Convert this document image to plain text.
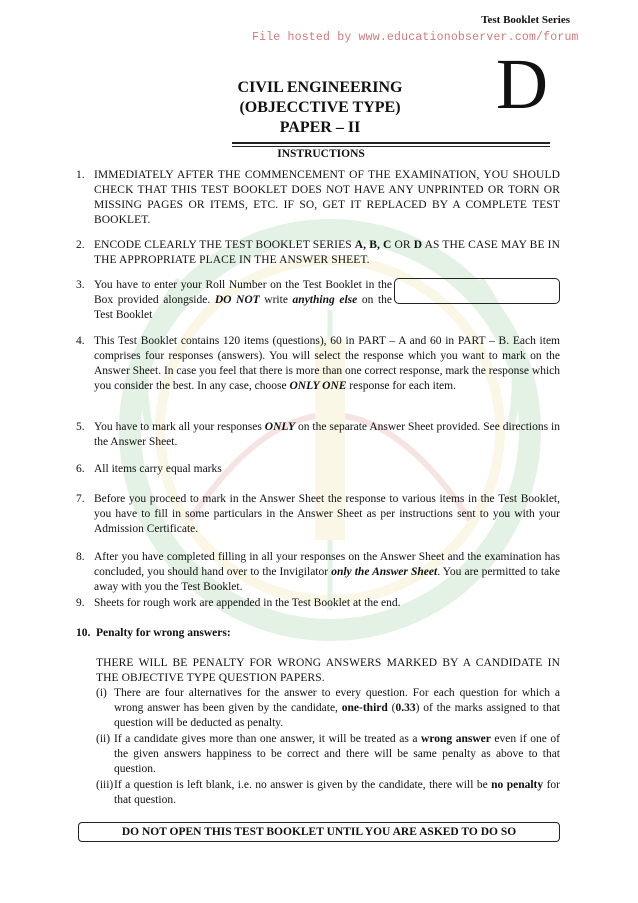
Test Booklet Series
File hosted by www.educationobserver.com/forum
D
CIVIL ENGINEERING
(OBJECCTIVE TYPE)
PAPER – II
INSTRUCTIONS
1. IMMEDIATELY AFTER THE COMMENCEMENT OF THE EXAMINATION, YOU SHOULD CHECK THAT THIS TEST BOOKLET DOES NOT HAVE ANY UNPRINTED OR TORN OR MISSING PAGES OR ITEMS, ETC. IF SO, GET IT REPLACED BY A COMPLETE TEST BOOKLET.
2. ENCODE CLEARLY THE TEST BOOKLET SERIES A, B, C OR D AS THE CASE MAY BE IN THE APPROPRIATE PLACE IN THE ANSWER SHEET.
3. You have to enter your Roll Number on the Test Booklet in the Box provided alongside. DO NOT write anything else on the Test Booklet
4. This Test Booklet contains 120 items (questions), 60 in PART – A and 60 in PART – B. Each item comprises four responses (answers). You will select the response which you want to mark on the Answer Sheet. In case you feel that there is more than one correct response, mark the response which you consider the best. In any case, choose ONLY ONE response for each item.
5. You have to mark all your responses ONLY on the separate Answer Sheet provided. See directions in the Answer Sheet.
6. All items carry equal marks
7. Before you proceed to mark in the Answer Sheet the response to various items in the Test Booklet, you have to fill in some particulars in the Answer Sheet as per instructions sent to you with your Admission Certificate.
8. After you have completed filling in all your responses on the Answer Sheet and the examination has concluded, you should hand over to the Invigilator only the Answer Sheet. You are permitted to take away with you the Test Booklet.
9. Sheets for rough work are appended in the Test Booklet at the end.
10. Penalty for wrong answers:
THERE WILL BE PENALTY FOR WRONG ANSWERS MARKED BY A CANDIDATE IN THE OBJECTIVE TYPE QUESTION PAPERS.
(i) There are four alternatives for the answer to every question. For each question for which a wrong answer has been given by the candidate, one-third (0.33) of the marks assigned to that question will be deducted as penalty.
(ii) If a candidate gives more than one answer, it will be treated as a wrong answer even if one of the given answers happiness to be correct and there will be same penalty as above to that question.
(iii) If a question is left blank, i.e. no answer is given by the candidate, there will be no penalty for that question.
DO NOT OPEN THIS TEST BOOKLET UNTIL YOU ARE ASKED TO DO SO
